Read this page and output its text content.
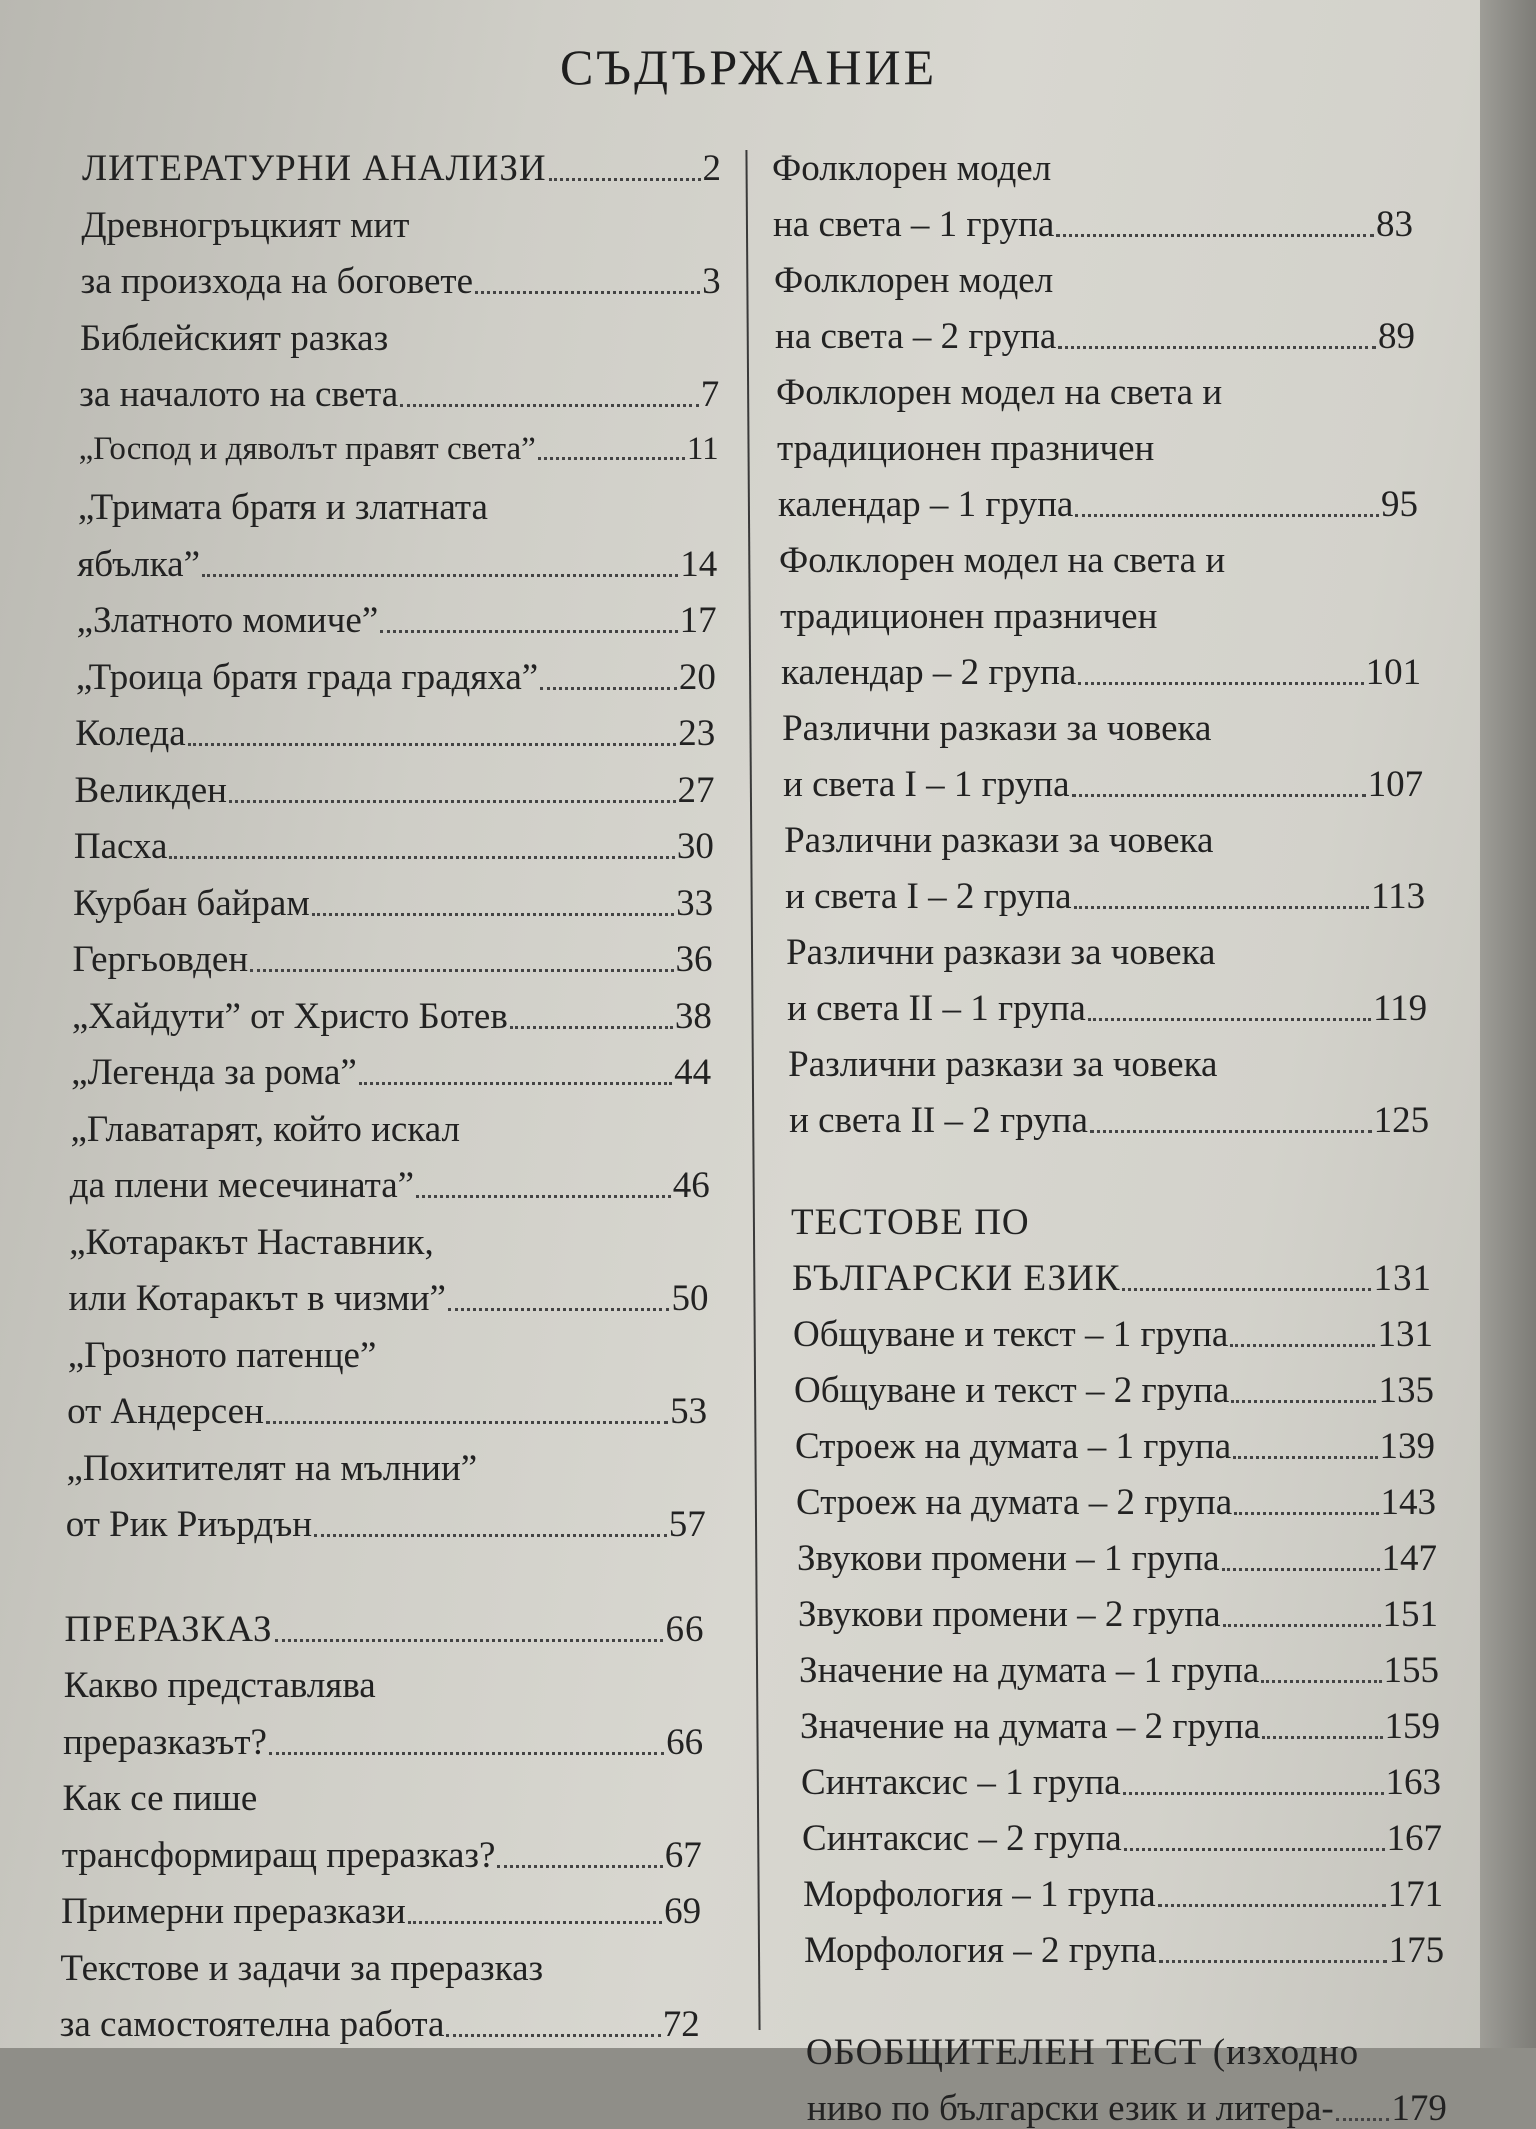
СЪДЪРЖАНИЕ
ЛИТЕРАТУРНИ АНАЛИЗИ	2
Древногръцкият мит
за произхода на боговете	3
Библейският разказ
за началото на света	7
„Господ и дяволът правят света”	11
„Тримата братя и златната
ябълка”	14
„Златното момиче”	17
„Троица братя града градяха”	20
Коледа	23
Великден	27
Пасха	30
Курбан байрам	33
Гергьовден	36
„Хайдути” от Христо Ботев	38
„Легенда за рома”	44
„Главатарят, който искал
да плени месечината”	46
„Котаракът Наставник,
или Котаракът в чизми”	50
„Грозното патенце”
от Андерсен	53
„Похитителят на мълнии”
от Рик Риърдън	57
ПРЕРАЗКАЗ	66
Какво представлява
преразказът?	66
Как се пише
трансформиращ преразказ?	67
Примерни преразкази	69
Текстове и задачи за преразказ
за самостоятелна работа	72
Фолклорен модел
на света – 1 група	83
Фолклорен модел
на света – 2 група	89
Фолклорен модел на света и
традиционен празничен
календар – 1 група	95
Фолклорен модел на света и
традиционен празничен
календар – 2 група	101
Различни разкази за човека
и света I – 1 група	107
Различни разкази за човека
и света I – 2 група	113
Различни разкази за човека
и света II – 1 група	119
Различни разкази за човека
и света II – 2 група	125
ТЕСТОВЕ ПО
БЪЛГАРСКИ ЕЗИК	131
Общуване и текст – 1 група	131
Общуване и текст – 2 група	135
Строеж на думата – 1 група	139
Строеж на думата – 2 група	143
Звукови промени – 1 група	147
Звукови промени – 2 група	151
Значение на думата – 1 група	155
Значение на думата – 2 група	159
Синтаксис – 1 група	163
Синтаксис – 2 група	167
Морфология – 1 група	171
Морфология – 2 група	175
ОБОБЩИТЕЛЕН ТЕСТ (изходно
ниво по български език и литера- 179
